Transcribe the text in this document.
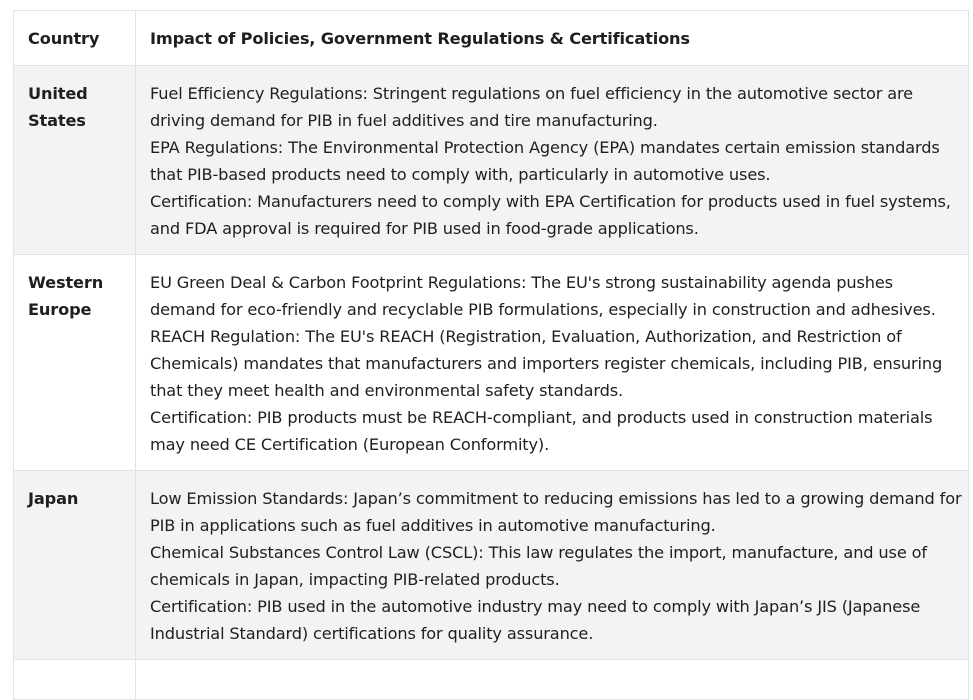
Country	Impact of Policies, Government Regulations & Certifications

United
States	Fuel Efficiency Regulations: Stringent regulations on fuel efficiency in the automotive sector are driving demand for PIB in fuel additives and tire manufacturing.
EPA Regulations: The Environmental Protection Agency (EPA) mandates certain emission standards that PIB-based products need to comply with, particularly in automotive uses.
Certification: Manufacturers need to comply with EPA Certification for products used in fuel systems, and FDA approval is required for PIB used in food-grade applications.

Western
Europe	EU Green Deal & Carbon Footprint Regulations: The EU's strong sustainability agenda pushes demand for eco-friendly and recyclable PIB formulations, especially in construction and adhesives.
REACH Regulation: The EU's REACH (Registration, Evaluation, Authorization, and Restriction of Chemicals) mandates that manufacturers and importers register chemicals, including PIB, ensuring that they meet health and environmental safety standards.
Certification: PIB products must be REACH-compliant, and products used in construction materials may need CE Certification (European Conformity).

Japan	Low Emission Standards: Japan’s commitment to reducing emissions has led to a growing demand for PIB in applications such as fuel additives in automotive manufacturing.
Chemical Substances Control Law (CSCL): This law regulates the import, manufacture, and use of chemicals in Japan, impacting PIB-related products.
Certification: PIB used in the automotive industry may need to comply with Japan’s JIS (Japanese Industrial Standard) certifications for quality assurance.
